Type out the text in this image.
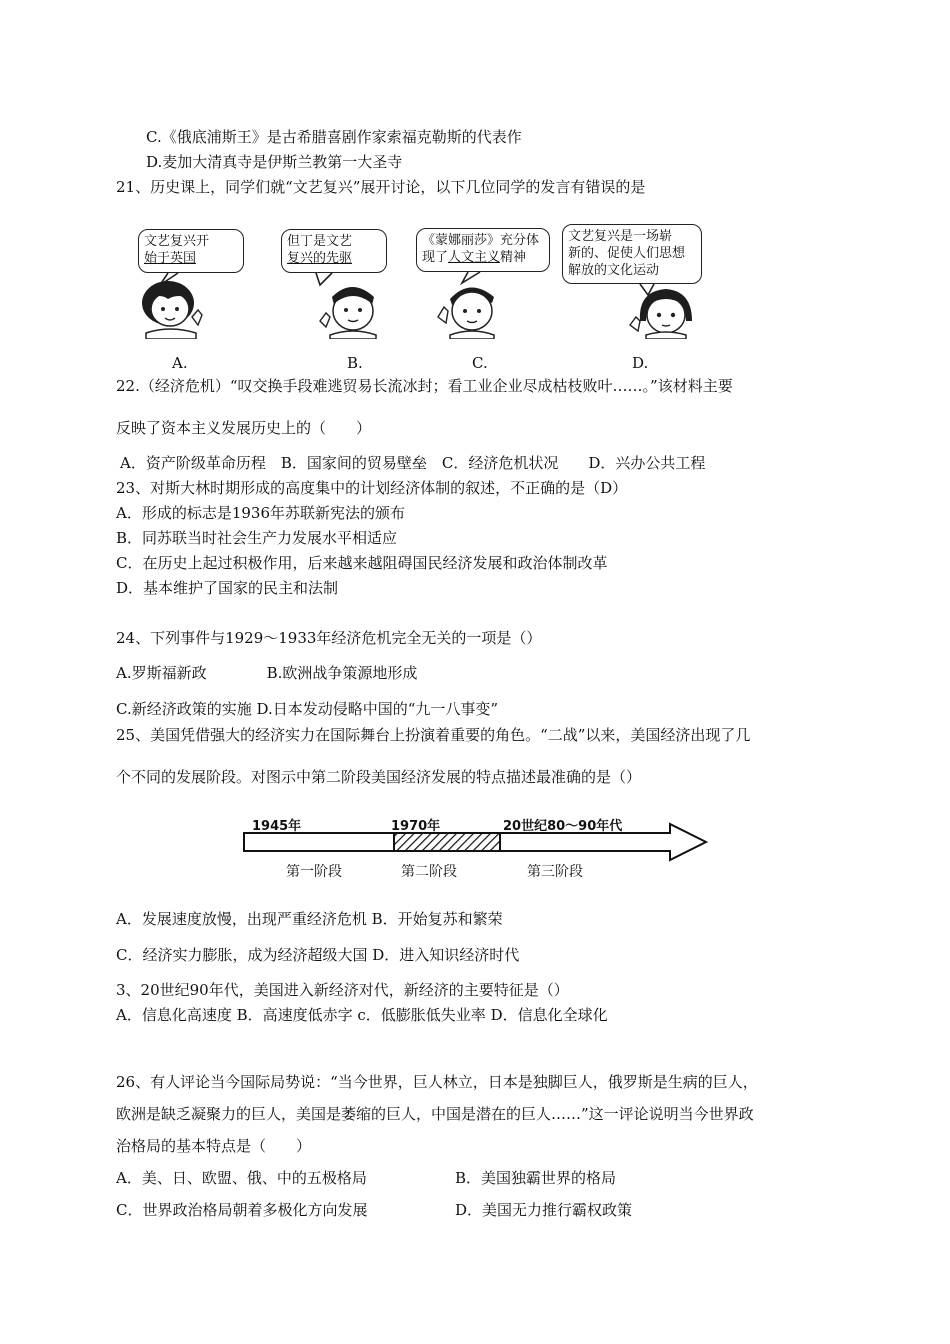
C.《俄底浦斯王》是古希腊喜剧作家索福克勒斯的代表作
D.麦加大清真寺是伊斯兰教第一大圣寺
21、历史课上，同学们就“文艺复兴”展开讨论，以下几位同学的发言有错误的是
文艺复兴开
始于英国
但丁是文艺
复兴的先驱
《蒙娜丽莎》充分体
现了人文主义精神
文艺复兴是一场崭
新的、促使人们思想
解放的文化运动
A.	B.	C.	D.
22.（经济危机）“叹交换手段难逃贸易长流冰封；看工业企业尽成枯枝败叶……。”该材料主要
反映了资本主义发展历史上的（　　）
A．资产阶级革命历程　B．国家间的贸易壁垒　C．经济危机状况　　D．兴办公共工程
23、对斯大林时期形成的高度集中的计划经济体制的叙述，不正确的是（D）
A．形成的标志是1936年苏联新宪法的颁布
B．同苏联当时社会生产力发展水平相适应
C．在历史上起过积极作用，后来越来越阻碍国民经济发展和政治体制改革
D．基本维护了国家的民主和法制
24、下列事件与1929～1933年经济危机完全无关的一项是（）
A.罗斯福新政　　　　B.欧洲战争策源地形成
C.新经济政策的实施 D.日本发动侵略中国的“九一八事变”
25、美国凭借强大的经济实力在国际舞台上扮演着重要的角色。“二战”以来，美国经济出现了几
个不同的发展阶段。对图示中第二阶段美国经济发展的特点描述最准确的是（）
1945年	1970年	20世纪80～90年代
第一阶段	第二阶段	第三阶段
A．发展速度放慢，出现严重经济危机 B．开始复苏和繁荣
C．经济实力膨胀，成为经济超级大国 D．进入知识经济时代
3、20世纪90年代，美国进入新经济对代，新经济的主要特征是（）
A．信息化高速度 B．高速度低赤字 c．低膨胀低失业率 D．信息化全球化
26、有人评论当今国际局势说：“当今世界，巨人林立，日本是独脚巨人，俄罗斯是生病的巨人，
欧洲是缺乏凝聚力的巨人，美国是萎缩的巨人，中国是潜在的巨人……”这一评论说明当今世界政
治格局的基本特点是（　　）
A．美、日、欧盟、俄、中的五极格局	B．美国独霸世界的格局
C．世界政治格局朝着多极化方向发展	D．美国无力推行霸权政策
